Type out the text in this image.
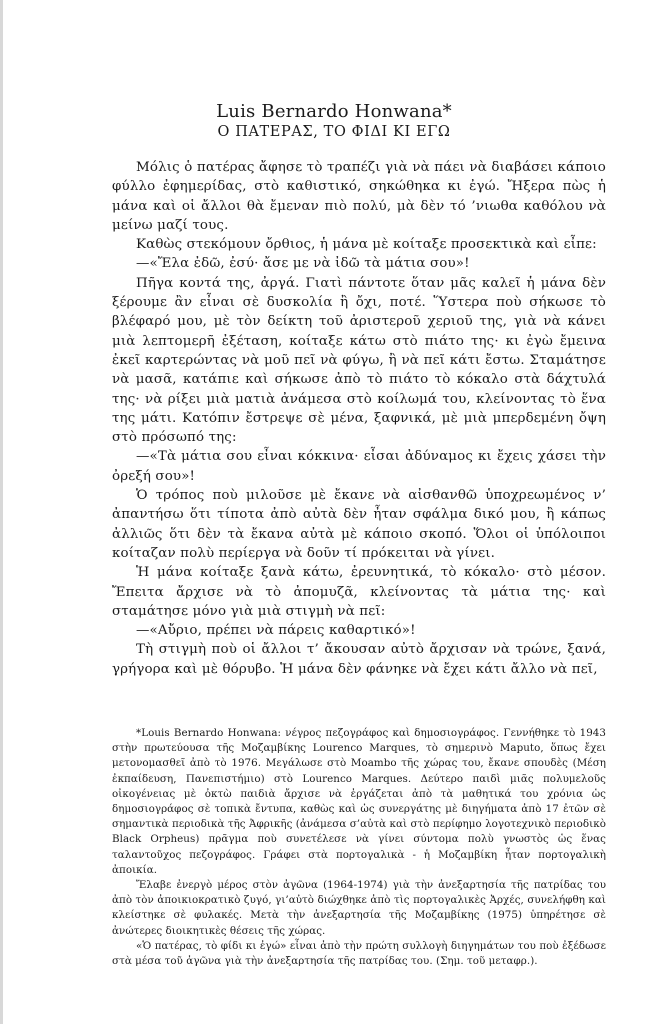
Luis Bernardo Honwana*
Ο ΠΑΤΕΡΑΣ, ΤΟ ΦΙΔΙ ΚΙ ΕΓΩ

Μόλις ὁ πατέρας ἄφησε τὸ τραπέζι γιὰ νὰ πάει νὰ διαβάσει κάποιο φύλλο ἐφημερίδας, στὸ καθιστικό, σηκώθηκα κι ἐγώ. Ἤξερα πὼς ἡ μάνα καὶ οἱ ἄλλοι θὰ ἔμεναν πιὸ πολύ, μὰ δὲν τό ’νιωθα καθόλου νὰ μείνω μαζί τους.

Καθὼς στεκόμουν ὄρθιος, ἡ μάνα μὲ κοίταξε προσεκτικὰ καὶ εἶπε:

—«Ἔλα ἐδῶ, ἐσύ· ἄσε με νὰ ἰδῶ τὰ μάτια σου»!

Πῆγα κοντά της, ἀργά. Γιατὶ πάντοτε ὅταν μᾶς καλεῖ ἡ μάνα δὲν ξέρουμε ἂν εἶναι σὲ δυσκολία ἢ ὄχι, ποτέ. Ὕστερα ποὺ σήκωσε τὸ βλέφαρό μου, μὲ τὸν δείκτη τοῦ ἀριστεροῦ χεριοῦ της, γιὰ νὰ κάνει μιὰ λεπτομερῆ ἐξέταση, κοίταξε κάτω στὸ πιάτο της· κι ἐγὼ ἔμεινα ἐκεῖ καρτερώντας νὰ μοῦ πεῖ νὰ φύγω, ἢ νὰ πεῖ κάτι ἔστω. Σταμάτησε νὰ μασᾶ, κατάπιε καὶ σήκωσε ἀπὸ τὸ πιάτο τὸ κόκαλο στὰ δάχτυλά της· νὰ ρίξει μιὰ ματιὰ ἀνάμεσα στὸ κοίλωμά του, κλείνοντας τὸ ἕνα της μάτι. Κατόπιν ἔστρεψε σὲ μένα, ξαφνικά, μὲ μιὰ μπερδεμένη ὄψη στὸ πρόσωπό της:

—«Τὰ μάτια σου εἶναι κόκκινα· εἶσαι ἀδύναμος κι ἔχεις χάσει τὴν ὀρεξή σου»!

Ὁ τρόπος ποὺ μιλοῦσε μὲ ἔκανε νὰ αἰσθανθῶ ὑποχρεωμένος ν’ ἀπαντήσω ὅτι τίποτα ἀπὸ αὐτὰ δὲν ἦταν σφάλμα δικό μου, ἢ κάπως ἀλλιῶς ὅτι δὲν τὰ ἔκανα αὐτὰ μὲ κάποιο σκοπό. Ὅλοι οἱ ὑπόλοιποι κοίταζαν πολὺ περίεργα νὰ δοῦν τί πρόκειται νὰ γίνει.

Ἡ μάνα κοίταξε ξανὰ κάτω, ἐρευνητικά, τὸ κόκαλο· στὸ μέσον. Ἔπειτα ἄρχισε νὰ τὸ ἀπομυζᾶ, κλείνοντας τὰ μάτια της· καὶ σταμάτησε μόνο γιὰ μιὰ στιγμὴ νὰ πεῖ:

—«Αὔριο, πρέπει νὰ πάρεις καθαρτικό»!

Τὴ στιγμὴ ποὺ οἱ ἄλλοι τ’ ἄκουσαν αὐτὸ ἄρχισαν νὰ τρώνε, ξανά, γρήγορα καὶ μὲ θόρυβο. Ἡ μάνα δὲν φάνηκε νὰ ἔχει κάτι ἄλλο νὰ πεῖ,

*Louis Bernardo Honwana: νέγρος πεζογράφος καὶ δημοσιογράφος. Γεννήθηκε τὸ 1943 στὴν πρωτεύουσα τῆς Μοζαμβίκης Lourenco Marques, τὸ σημερινὸ Maputo, ὅπως ἔχει μετονομασθεῖ ἀπὸ τὸ 1976. Μεγάλωσε στὸ Moambo τῆς χώρας του, ἔκανε σπουδὲς (Μέση ἐκπαίδευση, Πανεπιστήμιο) στὸ Lourenco Marques. Δεύτερο παιδὶ μιᾶς πολυμελοῦς οἰκογένειας μὲ ὀκτὼ παιδιὰ ἄρχισε νὰ ἐργάζεται ἀπὸ τὰ μαθητικά του χρόνια ὡς δημοσιογράφος σὲ τοπικὰ ἔντυπα, καθὼς καὶ ὡς συνεργάτης μὲ διηγήματα ἀπὸ 17 ἐτῶν σὲ σημαντικὰ περιοδικὰ τῆς Ἀφρικῆς (ἀνάμεσα σ’αὐτὰ καὶ στὸ περίφημο λογοτεχνικὸ περιοδικὸ Black Orpheus) πρᾶγμα ποὺ συνετέλεσε νὰ γίνει σύντομα πολὺ γνωστὸς ὡς ἕνας ταλαντοῦχος πεζογράφος. Γράφει στὰ πορτογαλικὰ - ἡ Μοζαμβίκη ἦταν πορτογαλικὴ ἀποικία.

Ἔλαβε ἐνεργὸ μέρος στὸν ἀγῶνα (1964-1974) γιὰ τὴν ἀνεξαρτησία τῆς πατρίδας του ἀπὸ τὸν ἀποικιοκρατικὸ ζυγό, γι’αὐτὸ διώχθηκε ἀπὸ τὶς πορτογαλικὲς Ἀρχές, συνελήφθη καὶ κλείστηκε σὲ φυλακές. Μετὰ τὴν ἀνεξαρτησία τῆς Μοζαμβίκης (1975) ὑπηρέτησε σὲ ἀνώτερες διοικητικὲς θέσεις τῆς χώρας.

«Ὁ πατέρας, τὸ φίδι κι ἐγώ» εἶναι ἀπὸ τὴν πρώτη συλλογὴ διηγημάτων του ποὺ ἐξέδωσε στὰ μέσα τοῦ ἀγῶνα γιὰ τὴν ἀνεξαρτησία τῆς πατρίδας του. (Σημ. τοῦ μεταφρ.).
